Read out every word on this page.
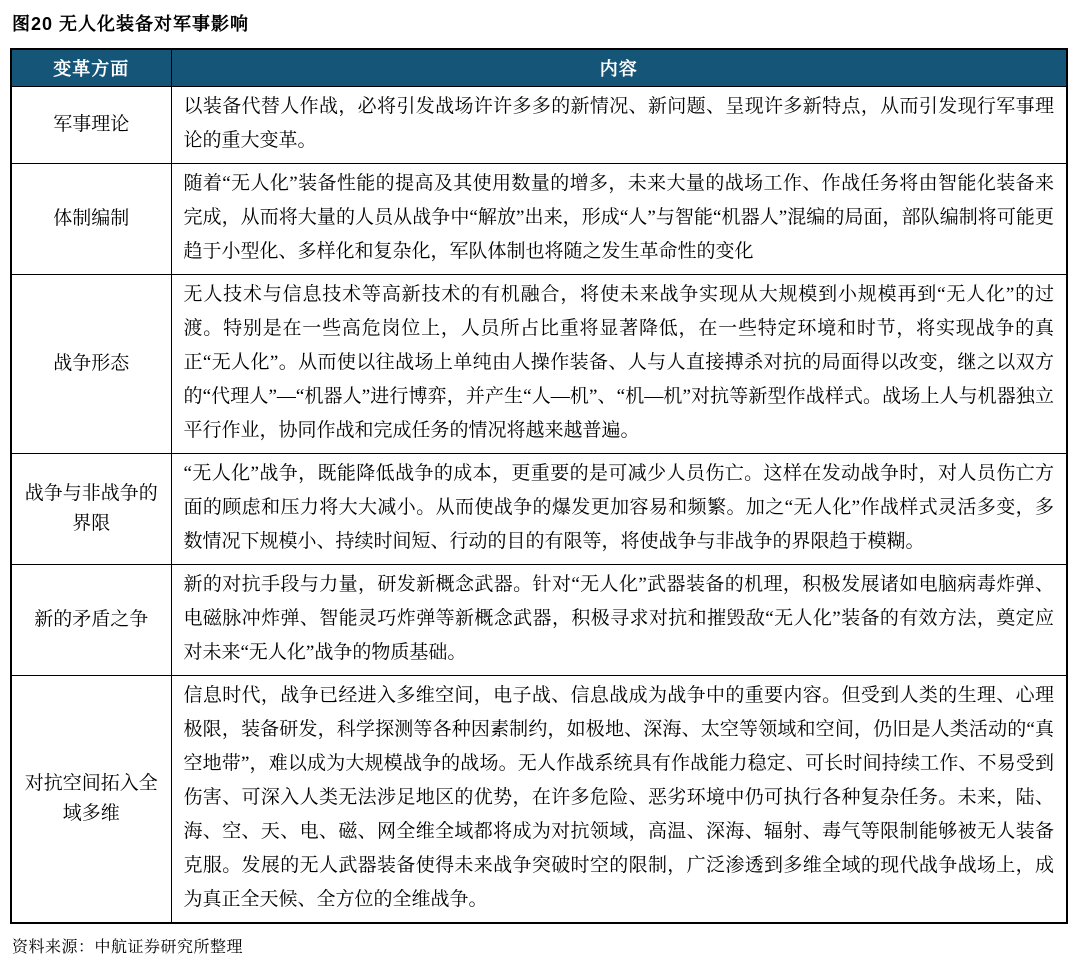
图20 无人化装备对军事影响
变革方面	内容
军事理论	以装备代替人作战，必将引发战场许许多多的新情况、新问题、呈现许多新特点，从而引发现行军事理论的重大变革。
体制编制	随着“无人化”装备性能的提高及其使用数量的增多，未来大量的战场工作、作战任务将由智能化装备来完成，从而将大量的人员从战争中“解放”出来，形成“人”与智能“机器人”混编的局面，部队编制将可能更趋于小型化、多样化和复杂化，军队体制也将随之发生革命性的变化
战争形态	无人技术与信息技术等高新技术的有机融合，将使未来战争实现从大规模到小规模再到“无人化”的过渡。特别是在一些高危岗位上，人员所占比重将显著降低，在一些特定环境和时节，将实现战争的真正“无人化”。从而使以往战场上单纯由人操作装备、人与人直接搏杀对抗的局面得以改变，继之以双方的“代理人”—“机器人”进行博弈，并产生“人—机”、“机—机”对抗等新型作战样式。战场上人与机器独立平行作业，协同作战和完成任务的情况将越来越普遍。
战争与非战争的界限	“无人化”战争，既能降低战争的成本，更重要的是可减少人员伤亡。这样在发动战争时，对人员伤亡方面的顾虑和压力将大大减小。从而使战争的爆发更加容易和频繁。加之“无人化”作战样式灵活多变，多数情况下规模小、持续时间短、行动的目的有限等，将使战争与非战争的界限趋于模糊。
新的矛盾之争	新的对抗手段与力量，研发新概念武器。针对“无人化”武器装备的机理，积极发展诸如电脑病毒炸弹、电磁脉冲炸弹、智能灵巧炸弹等新概念武器，积极寻求对抗和摧毁敌“无人化”装备的有效方法，奠定应对未来“无人化”战争的物质基础。
对抗空间拓入全域多维	信息时代，战争已经进入多维空间，电子战、信息战成为战争中的重要内容。但受到人类的生理、心理极限，装备研发，科学探测等各种因素制约，如极地、深海、太空等领域和空间，仍旧是人类活动的“真空地带”，难以成为大规模战争的战场。无人作战系统具有作战能力稳定、可长时间持续工作、不易受到伤害、可深入人类无法涉足地区的优势，在许多危险、恶劣环境中仍可执行各种复杂任务。未来，陆、海、空、天、电、磁、网全维全域都将成为对抗领域，高温、深海、辐射、毒气等限制能够被无人装备克服。发展的无人武器装备使得未来战争突破时空的限制，广泛渗透到多维全域的现代战争战场上，成为真正全天候、全方位的全维战争。
资料来源：中航证券研究所整理
